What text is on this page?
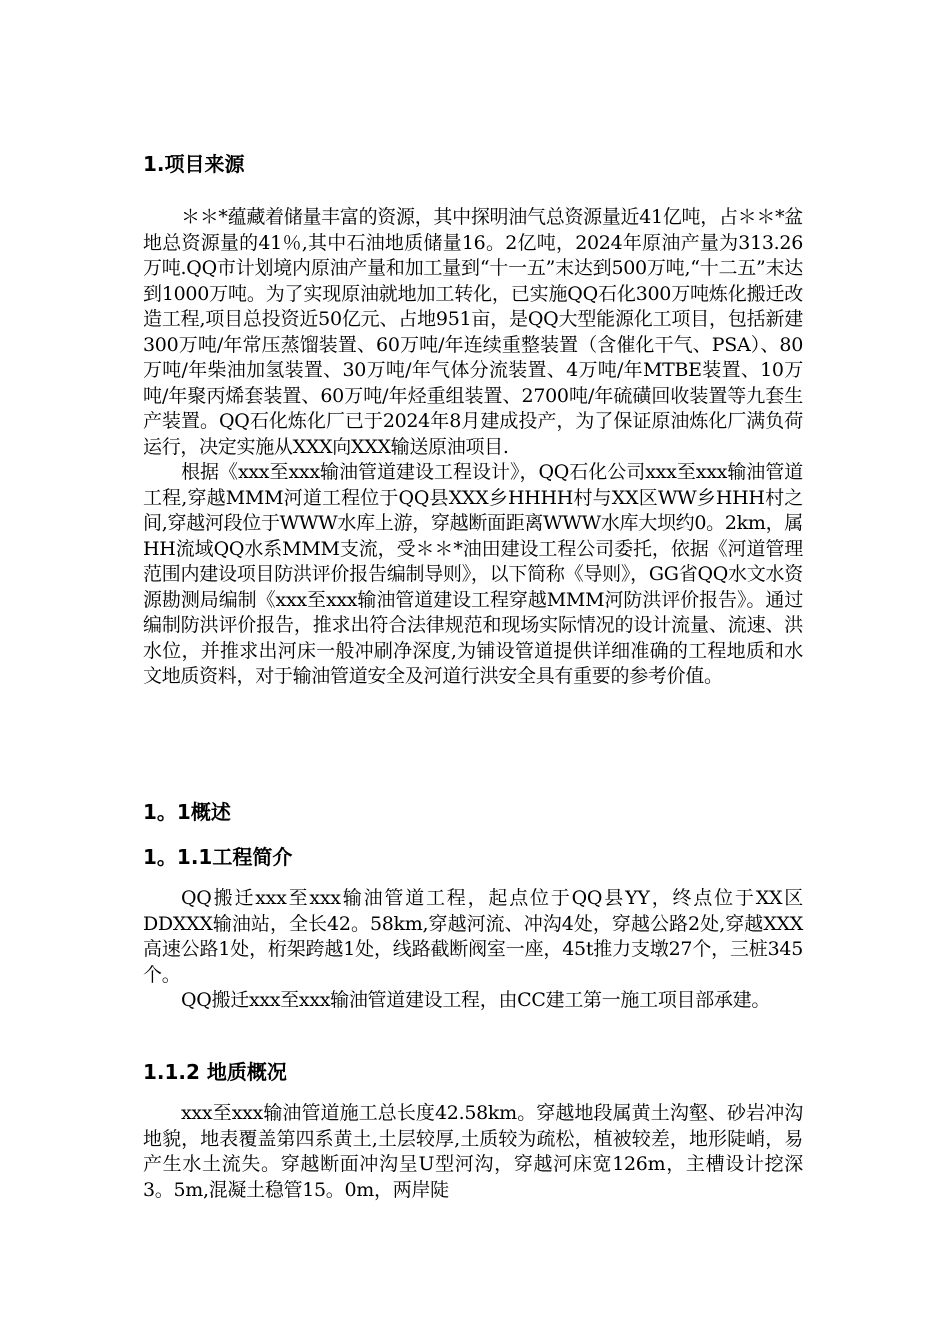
1.项目来源

＊＊*蕴藏着储量丰富的资源，其中探明油气总资源量近41亿吨，占＊＊*盆地总资源量的41％,其中石油地质储量16。2亿吨，2024年原油产量为313.26万吨.QQ市计划境内原油产量和加工量到“十一五”末达到500万吨,“十二五”末达到1000万吨。为了实现原油就地加工转化，已实施QQ石化300万吨炼化搬迁改造工程,项目总投资近50亿元、占地951亩，是QQ大型能源化工项目，包括新建300万吨/年常压蒸馏装置、60万吨/年连续重整装置（含催化干气、PSA）、80万吨/年柴油加氢装置、30万吨/年气体分流装置、4万吨/年MTBE装置、10万吨/年聚丙烯套装置、60万吨/年烃重组装置、2700吨/年硫磺回收装置等九套生产装置。QQ石化炼化厂已于2024年8月建成投产，为了保证原油炼化厂满负荷运行，决定实施从XXX向XXX输送原油项目.

根据《xxx至xxx输油管道建设工程设计》，QQ石化公司xxx至xxx输油管道工程,穿越MMM河道工程位于QQ县XXX乡HHHH村与XX区WW乡HHH村之间,穿越河段位于WWW水库上游，穿越断面距离WWW水库大坝约0。2km，属HH流域QQ水系MMM支流，受＊＊*油田建设工程公司委托，依据《河道管理范围内建设项目防洪评价报告编制导则》，以下简称《导则》，GG省QQ水文水资源勘测局编制《xxx至xxx输油管道建设工程穿越MMM河防洪评价报告》。通过编制防洪评价报告，推求出符合法律规范和现场实际情况的设计流量、流速、洪水位，并推求出河床一般冲刷净深度,为铺设管道提供详细准确的工程地质和水文地质资料，对于输油管道安全及河道行洪安全具有重要的参考价值。

1。1概述
1。1.1工程简介

QQ搬迁xxx至xxx输油管道工程，起点位于QQ县YY，终点位于XX区DDXXX输油站，全长42。58km,穿越河流、冲沟4处，穿越公路2处,穿越XXX高速公路1处，桁架跨越1处，线路截断阀室一座，45t推力支墩27个，三桩345个。

QQ搬迁xxx至xxx输油管道建设工程，由CC建工第一施工项目部承建。

1.1.2 地质概况

xxx至xxx输油管道施工总长度42.58km。穿越地段属黄土沟壑、砂岩冲沟地貌，地表覆盖第四系黄土,土层较厚,土质较为疏松，植被较差，地形陡峭，易产生水土流失。穿越断面冲沟呈U型河沟，穿越河床宽126m，主槽设计挖深3。5m,混凝土稳管15。0m，两岸陡
